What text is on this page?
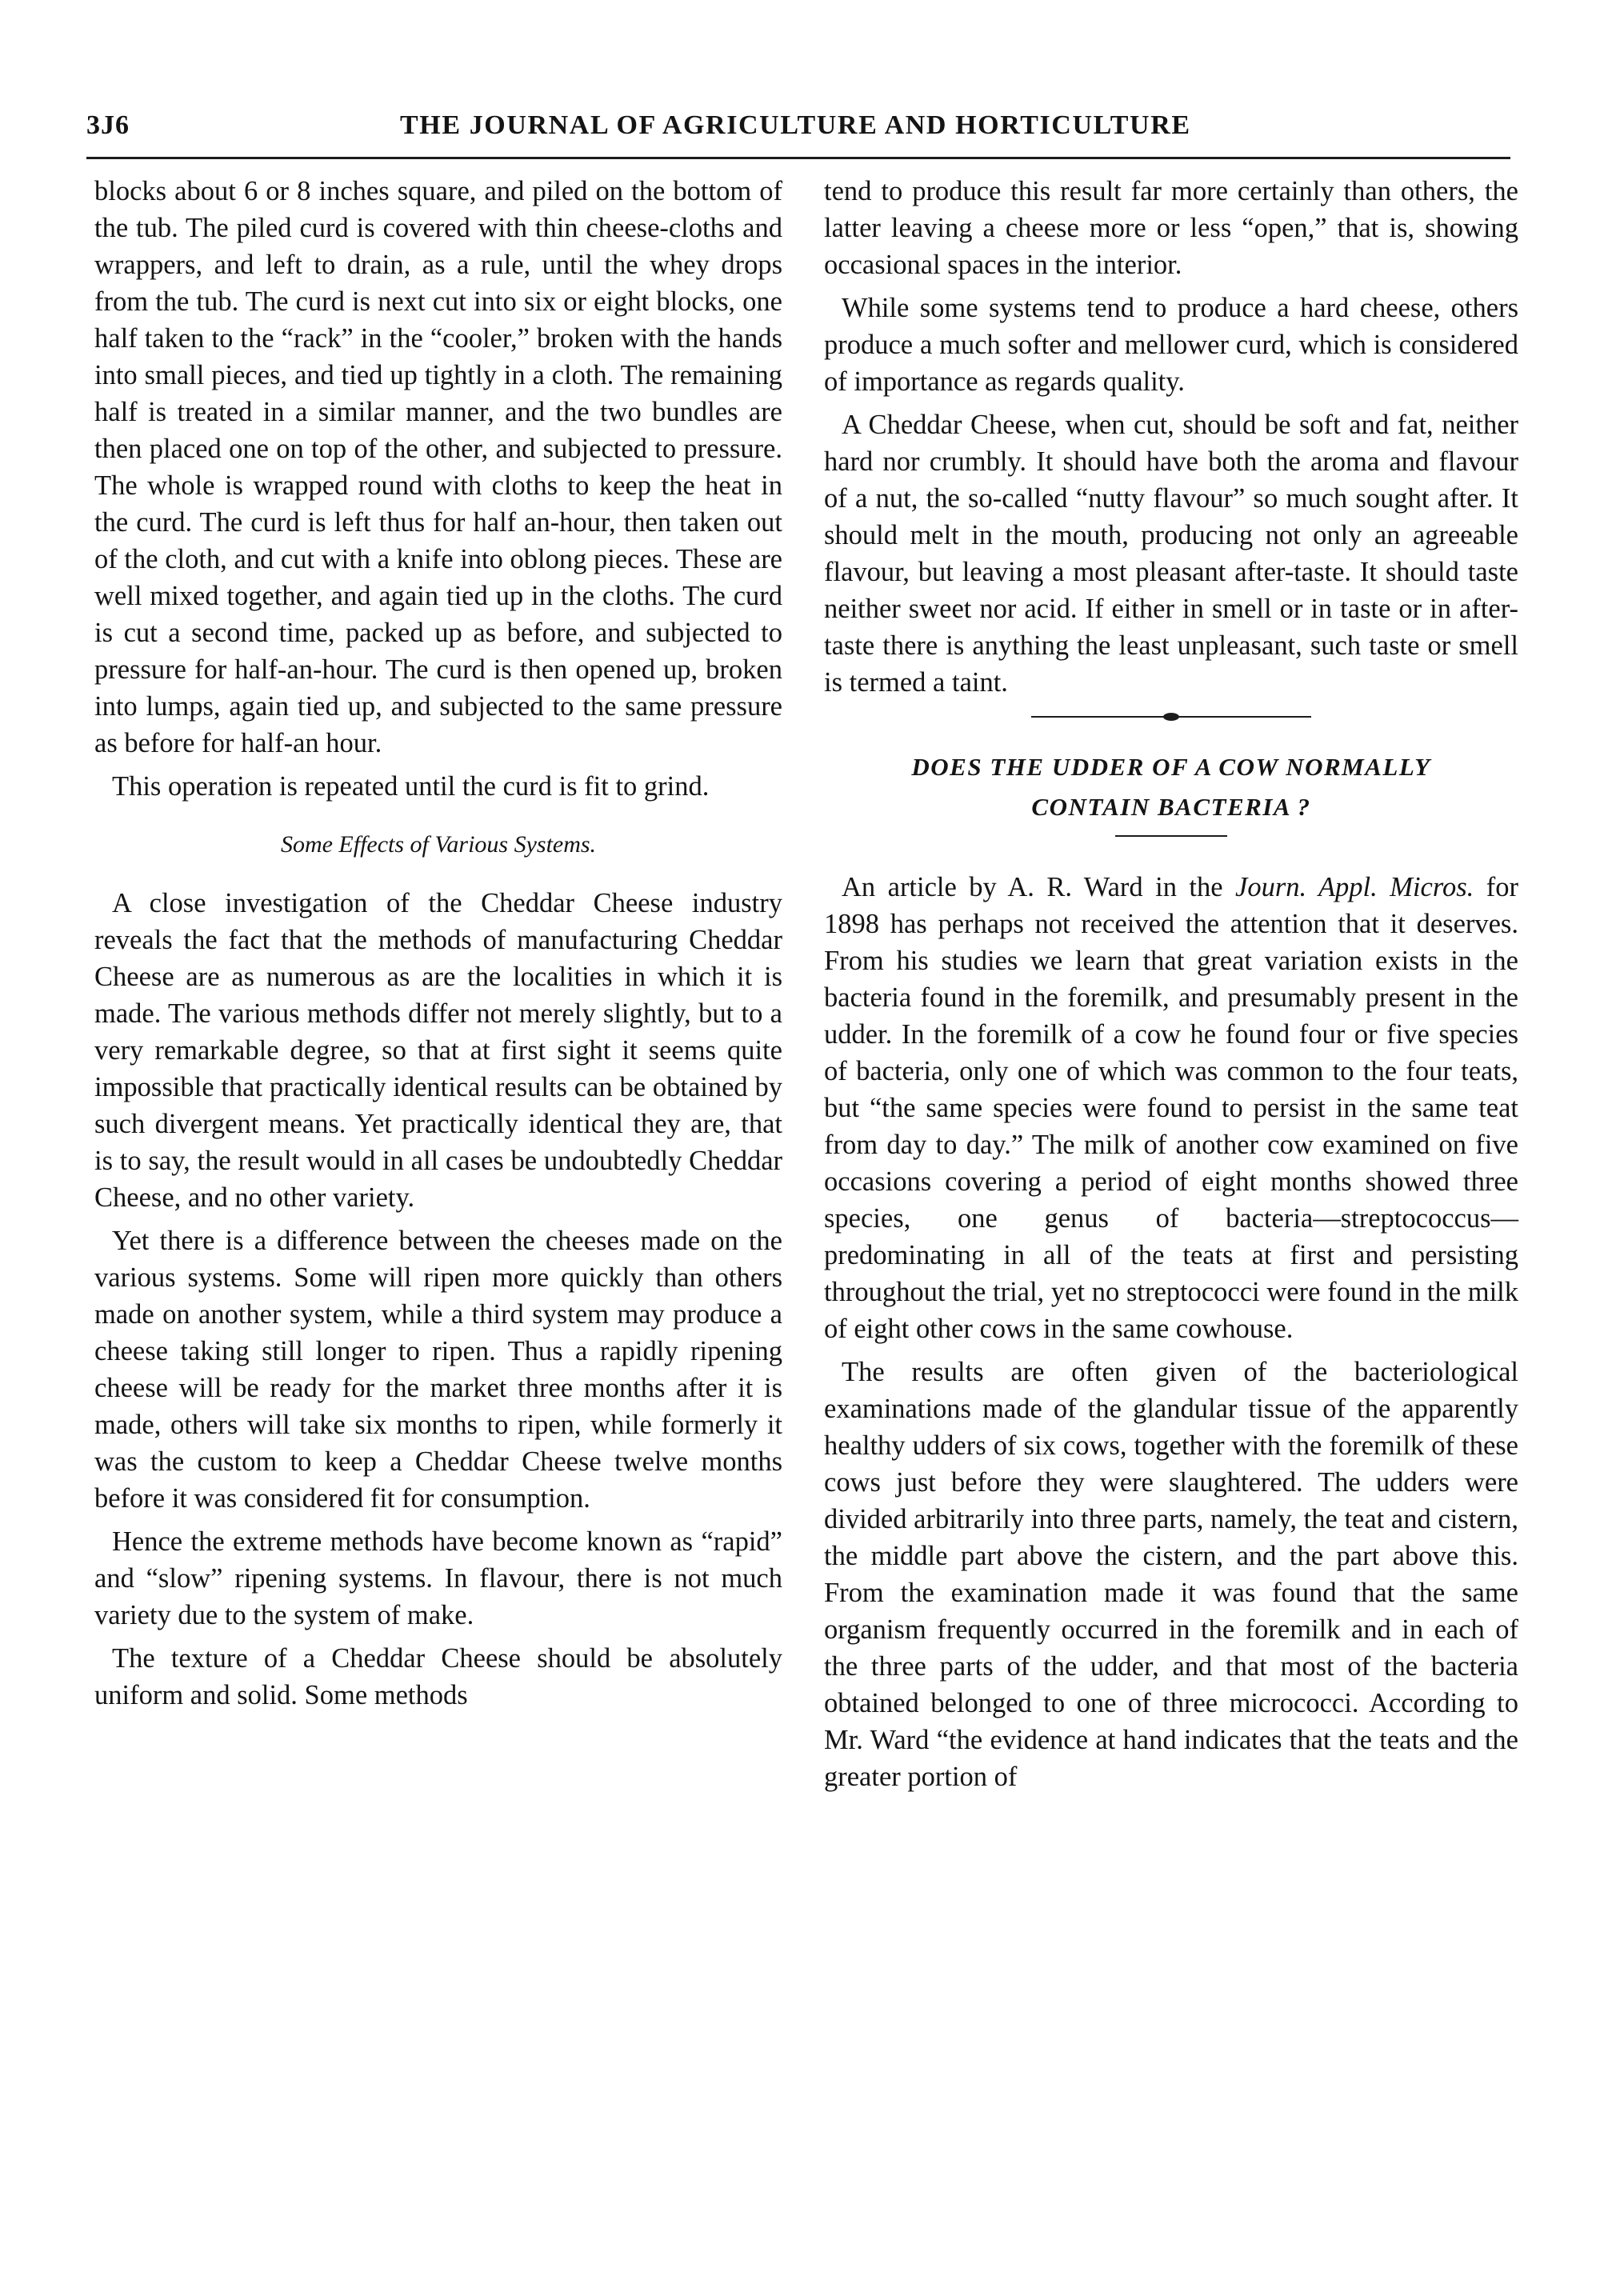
3J6	THE JOURNAL OF AGRICULTURE AND HORTICULTURE

blocks about 6 or 8 inches square, and piled on the bottom of the tub. The piled curd is covered with thin cheese-cloths and wrappers, and left to drain, as a rule, until the whey drops from the tub. The curd is next cut into six or eight blocks, one half taken to the “rack” in the “cooler,” broken with the hands into small pieces, and tied up tightly in a cloth. The remaining half is treated in a similar manner, and the two bundles are then placed one on top of the other, and subjected to pressure. The whole is wrapped round with cloths to keep the heat in the curd. The curd is left thus for half an-hour, then taken out of the cloth, and cut with a knife into oblong pieces. These are well mixed together, and again tied up in the cloths. The curd is cut a second time, packed up as before, and subjected to pressure for half-an-hour. The curd is then opened up, broken into lumps, again tied up, and subjected to the same pressure as before for half-an hour.

This operation is repeated until the curd is fit to grind.

Some Effects of Various Systems.

A close investigation of the Cheddar Cheese industry reveals the fact that the methods of manufacturing Cheddar Cheese are as numerous as are the localities in which it is made. The various methods differ not merely slightly, but to a very remarkable degree, so that at first sight it seems quite impossible that practically identical results can be obtained by such divergent means. Yet practically identical they are, that is to say, the result would in all cases be undoubtedly Cheddar Cheese, and no other variety.

Yet there is a difference between the cheeses made on the various systems. Some will ripen more quickly than others made on another system, while a third system may produce a cheese taking still longer to ripen. Thus a rapidly ripening cheese will be ready for the market three months after it is made, others will take six months to ripen, while formerly it was the custom to keep a Cheddar Cheese twelve months before it was considered fit for consumption.

Hence the extreme methods have become known as “rapid” and “slow” ripening systems. In flavour, there is not much variety due to the system of make.

The texture of a Cheddar Cheese should be absolutely uniform and solid. Some methods

tend to produce this result far more certainly than others, the latter leaving a cheese more or less “open,” that is, showing occasional spaces in the interior.

While some systems tend to produce a hard cheese, others produce a much softer and mellower curd, which is considered of importance as regards quality.

A Cheddar Cheese, when cut, should be soft and fat, neither hard nor crumbly. It should have both the aroma and flavour of a nut, the so-called “nutty flavour” so much sought after. It should melt in the mouth, producing not only an agreeable flavour, but leaving a most pleasant after-taste. It should taste neither sweet nor acid. If either in smell or in taste or in after-taste there is anything the least unpleasant, such taste or smell is termed a taint.

DOES THE UDDER OF A COW NORMALLY

CONTAIN BACTERIA ?

An article by A. R. Ward in the Journ. Appl. Micros. for 1898 has perhaps not received the attention that it deserves. From his studies we learn that great variation exists in the bacteria found in the foremilk, and presumably present in the udder. In the foremilk of a cow he found four or five species of bacteria, only one of which was common to the four teats, but “the same species were found to persist in the same teat from day to day.” The milk of another cow examined on five occasions covering a period of eight months showed three species, one genus of bacteria—streptococcus—predominating in all of the teats at first and persisting throughout the trial, yet no streptococci were found in the milk of eight other cows in the same cowhouse.

The results are often given of the bacteriological examinations made of the glandular tissue of the apparently healthy udders of six cows, together with the foremilk of these cows just before they were slaughtered. The udders were divided arbitrarily into three parts, namely, the teat and cistern, the middle part above the cistern, and the part above this. From the examination made it was found that the same organism frequently occurred in the foremilk and in each of the three parts of the udder, and that most of the bacteria obtained belonged to one of three micrococci. According to Mr. Ward “the evidence at hand indicates that the teats and the greater portion of
